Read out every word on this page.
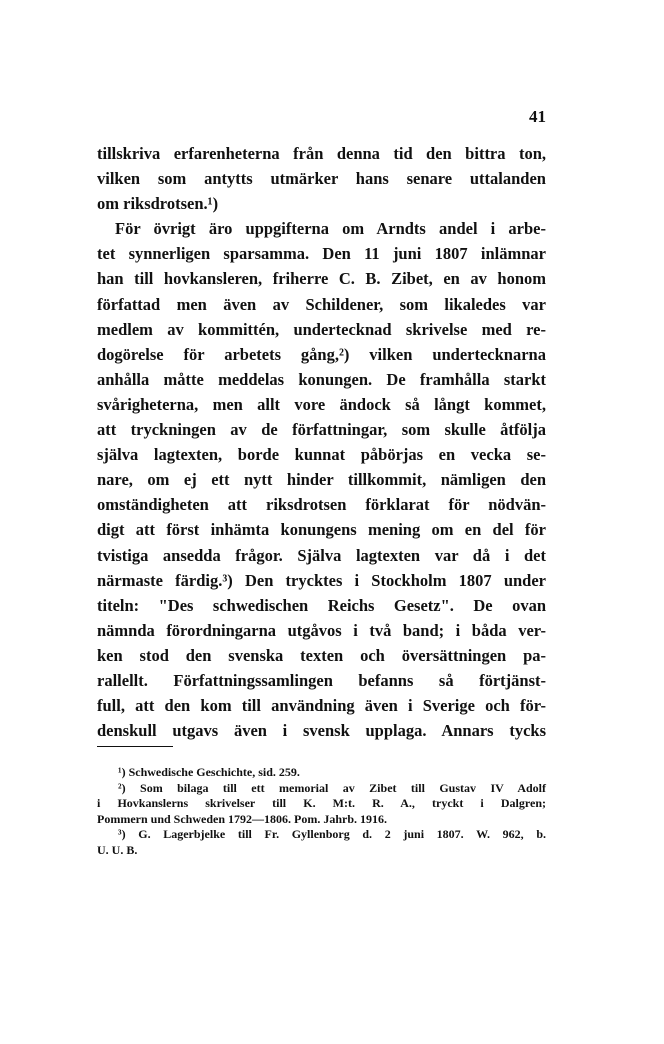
41
tillskriva erfarenheterna från denna tid den bittra ton,
vilken som antytts utmärker hans senare uttalanden
om riksdrotsen.¹)
För övrigt äro uppgifterna om Arndts andel i arbe-
tet synnerligen sparsamma. Den 11 juni 1807 inlämnar
han till hovkansleren, friherre C. B. Zibet, en av honom
författad men även av Schildener, som likaledes var
medlem av kommittén, undertecknad skrivelse med re-
dogörelse för arbetets gång,²) vilken undertecknarna
anhålla måtte meddelas konungen. De framhålla starkt
svårigheterna, men allt vore ändock så långt kommet,
att tryckningen av de författningar, som skulle åtfölja
själva lagtexten, borde kunnat påbörjas en vecka se-
nare, om ej ett nytt hinder tillkommit, nämligen den
omständigheten att riksdrotsen förklarat för nödvän-
digt att först inhämta konungens mening om en del för
tvistiga ansedda frågor. Själva lagtexten var då i det
närmaste färdig.³) Den trycktes i Stockholm 1807 under
titeln: "Des schwedischen Reichs Gesetz". De ovan
nämnda förordningarna utgåvos i två band; i båda ver-
ken stod den svenska texten och översättningen pa-
rallellt. Författningssamlingen befanns så förtjänst-
full, att den kom till användning även i Sverige och för-
denskull utgavs även i svensk upplaga. Annars tycks
¹) Schwedische Geschichte, sid. 259.
²) Som bilaga till ett memorial av Zibet till Gustav IV Adolf
i Hovkanslerns skrivelser till K. M:t. R. A., tryckt i Dalgren;
Pommern und Schweden 1792—1806. Pom. Jahrb. 1916.
³) G. Lagerbjelke till Fr. Gyllenborg d. 2 juni 1807. W. 962, b.
U. U. B.
